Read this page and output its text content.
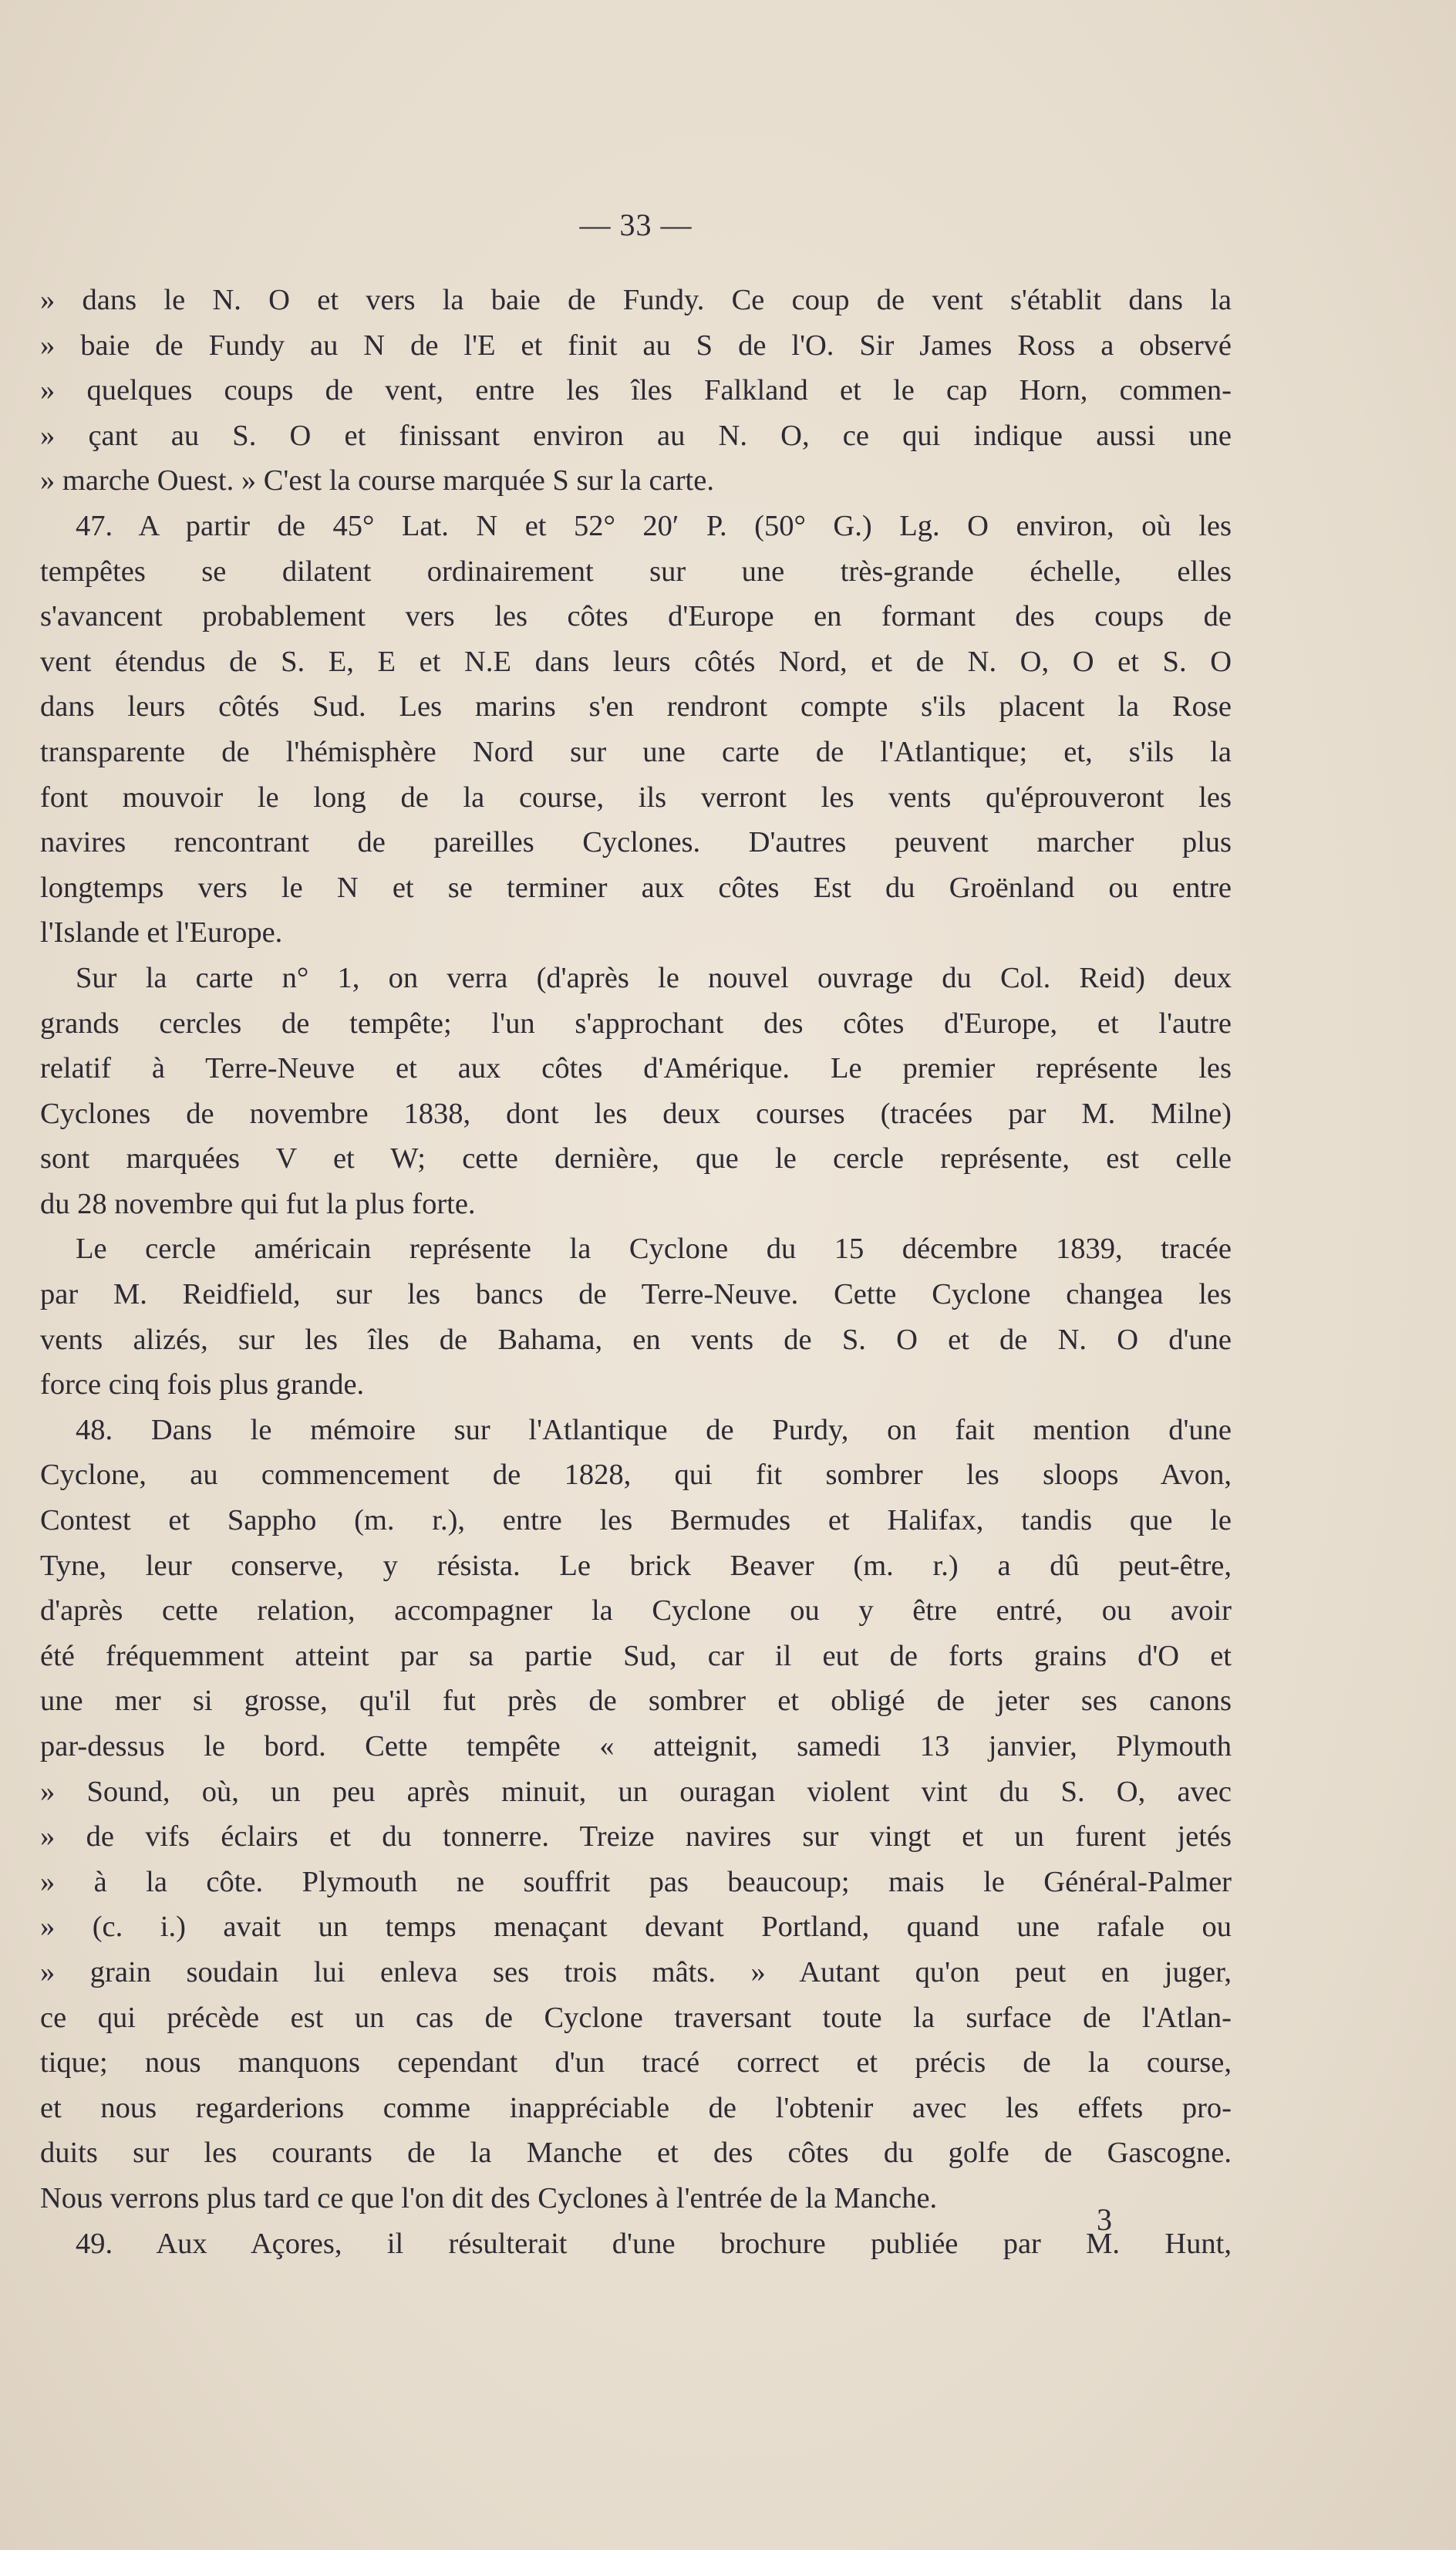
— 33 —
» dans le N. O et vers la baie de Fundy. Ce coup de vent s'établit dans la
» baie de Fundy au N de l'E et finit au S de l'O. Sir James Ross a observé
» quelques coups de vent, entre les îles Falkland et le cap Horn, commen-
» çant au S. O et finissant environ au N. O, ce qui indique aussi une
» marche Ouest. » C'est la course marquée S sur la carte.
47. A partir de 45° Lat. N et 52° 20′ P. (50° G.) Lg. O environ, où les
tempêtes se dilatent ordinairement sur une très-grande échelle, elles
s'avancent probablement vers les côtes d'Europe en formant des coups de
vent étendus de S. E, E et N.E dans leurs côtés Nord, et de N. O, O et S. O
dans leurs côtés Sud. Les marins s'en rendront compte s'ils placent la Rose
transparente de l'hémisphère Nord sur une carte de l'Atlantique; et, s'ils la
font mouvoir le long de la course, ils verront les vents qu'éprouveront les
navires rencontrant de pareilles Cyclones. D'autres peuvent marcher plus
longtemps vers le N et se terminer aux côtes Est du Groënland ou entre
l'Islande et l'Europe.
Sur la carte n° 1, on verra (d'après le nouvel ouvrage du Col. Reid) deux
grands cercles de tempête; l'un s'approchant des côtes d'Europe, et l'autre
relatif à Terre-Neuve et aux côtes d'Amérique. Le premier représente les
Cyclones de novembre 1838, dont les deux courses (tracées par M. Milne)
sont marquées V et W; cette dernière, que le cercle représente, est celle
du 28 novembre qui fut la plus forte.
Le cercle américain représente la Cyclone du 15 décembre 1839, tracée
par M. Reidfield, sur les bancs de Terre-Neuve. Cette Cyclone changea les
vents alizés, sur les îles de Bahama, en vents de S. O et de N. O d'une
force cinq fois plus grande.
48. Dans le mémoire sur l'Atlantique de Purdy, on fait mention d'une
Cyclone, au commencement de 1828, qui fit sombrer les sloops Avon,
Contest et Sappho (m. r.), entre les Bermudes et Halifax, tandis que le
Tyne, leur conserve, y résista. Le brick Beaver (m. r.) a dû peut-être,
d'après cette relation, accompagner la Cyclone ou y être entré, ou avoir
été fréquemment atteint par sa partie Sud, car il eut de forts grains d'O et
une mer si grosse, qu'il fut près de sombrer et obligé de jeter ses canons
par-dessus le bord. Cette tempête « atteignit, samedi 13 janvier, Plymouth
» Sound, où, un peu après minuit, un ouragan violent vint du S. O, avec
» de vifs éclairs et du tonnerre. Treize navires sur vingt et un furent jetés
» à la côte. Plymouth ne souffrit pas beaucoup; mais le Général-Palmer
» (c. i.) avait un temps menaçant devant Portland, quand une rafale ou
» grain soudain lui enleva ses trois mâts. » Autant qu'on peut en juger,
ce qui précède est un cas de Cyclone traversant toute la surface de l'Atlan-
tique; nous manquons cependant d'un tracé correct et précis de la course,
et nous regarderions comme inappréciable de l'obtenir avec les effets pro-
duits sur les courants de la Manche et des côtes du golfe de Gascogne.
Nous verrons plus tard ce que l'on dit des Cyclones à l'entrée de la Manche.
49. Aux Açores, il résulterait d'une brochure publiée par M. Hunt,
3
